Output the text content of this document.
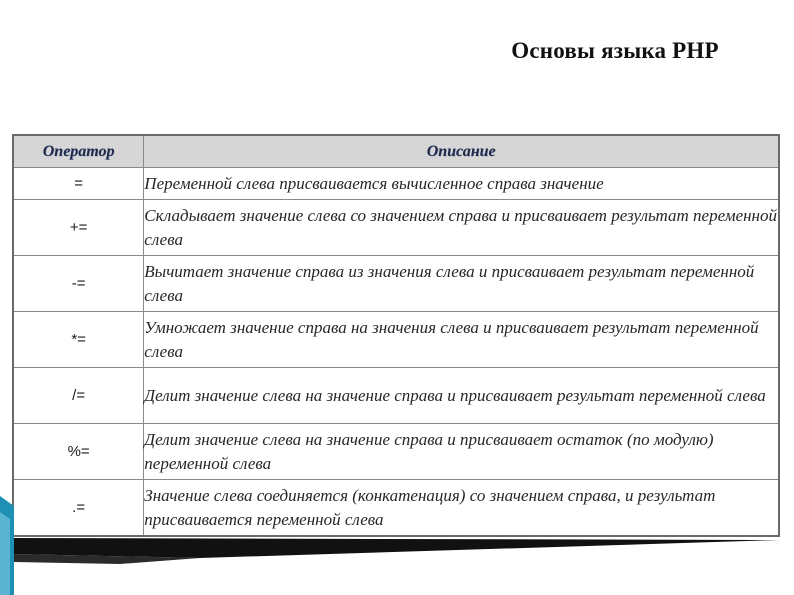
Основы языка PHP
Оператор	Описание
=	Переменной слева присваивается вычисленное справа значение
+=	Складывает значение слева со значением справа и присваивает результат переменной слева
-=	Вычитает значение справа из значения слева и присваивает результат переменной слева
*=	Умножает значение справа на значения слева и присваивает результат переменной слева
/=	Делит значение слева на значение справа и присваивает результат переменной слева
%=	Делит значение слева на значение справа и присваивает остаток (по модулю) переменной слева
.=	Значение слева соединяется (конкатенация) со значением справа, и результат присваивается переменной слева
